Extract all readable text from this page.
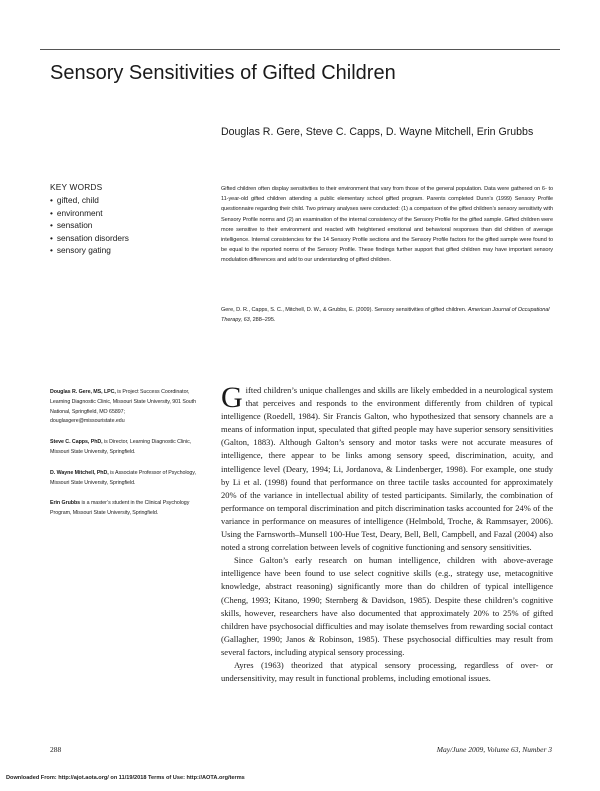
Sensory Sensitivities of Gifted Children
Douglas R. Gere, Steve C. Capps, D. Wayne Mitchell, Erin Grubbs
KEY WORDS
• gifted, child
• environment
• sensation
• sensation disorders
• sensory gating
Gifted children often display sensitivities to their environment that vary from those of the general population. Data were gathered on 6- to 11-year-old gifted children attending a public elementary school gifted program. Parents completed Dunn’s (1999) Sensory Profile questionnaire regarding their child. Two primary analyses were conducted: (1) a comparison of the gifted children’s sensory sensitivity with Sensory Profile norms and (2) an examination of the internal consistency of the Sensory Profile for the gifted sample. Gifted children were more sensitive to their environment and reacted with heightened emotional and behavioral responses than did children of average intelligence. Internal consistencies for the 14 Sensory Profile sections and the Sensory Profile factors for the gifted sample were found to be equal to the reported norms of the Sensory Profile. These findings further support that gifted children may have important sensory modulation differences and add to our understanding of gifted children.
Gere, D. R., Capps, S. C., Mitchell, D. W., & Grubbs, E. (2009). Sensory sensitivities of gifted children. American Journal of Occupational Therapy, 63, 288–295.

Douglas R. Gere, MS, LPC, is Project Success Coordinator, Learning Diagnostic Clinic, Missouri State University, 901 South National, Springfield, MO 65897; douglasgere@missouristate.edu

Steve C. Capps, PhD, is Director, Learning Diagnostic Clinic, Missouri State University, Springfield.

D. Wayne Mitchell, PhD, is Associate Professor of Psychology, Missouri State University, Springfield.

Erin Grubbs is a master’s student in the Clinical Psychology Program, Missouri State University, Springfield.

Gifted children’s unique challenges and skills are likely embedded in a neurological system that perceives and responds to the environment differently from children of typical intelligence (Roedell, 1984). Sir Francis Galton, who hypothesized that sensory channels are a means of information input, speculated that gifted people may have superior sensory sensitivities (Galton, 1883). Although Galton’s sensory and motor tasks were not accurate measures of intelligence, there appear to be links among sensory speed, discrimination, acuity, and intelligence level (Deary, 1994; Li, Jordanova, & Lindenberger, 1998). For example, one study by Li et al. (1998) found that performance on three tactile tasks accounted for approximately 20% of the variance in intellectual ability of tested participants. Similarly, the combination of performance on temporal discrimination and pitch discrimination tasks accounted for 24% of the variance in performance on measures of intelligence (Helmbold, Troche, & Rammsayer, 2006). Using the Farnsworth–Munsell 100-Hue Test, Deary, Bell, Bell, Campbell, and Fazal (2004) also noted a strong correlation between levels of cognitive functioning and sensory sensitivities.

Since Galton’s early research on human intelligence, children with above-average intelligence have been found to use select cognitive skills (e.g., strategy use, metacognitive knowledge, abstract reasoning) significantly more than do children of typical intelligence (Cheng, 1993; Kitano, 1990; Sternberg & Davidson, 1985). Despite these children’s cognitive skills, however, researchers have also documented that approximately 20% to 25% of gifted children have psychosocial difficulties and may isolate themselves from rewarding social contact (Gallagher, 1990; Janos & Robinson, 1985). These psychosocial difficulties may result from several factors, including atypical sensory processing.

Ayres (1963) theorized that atypical sensory processing, regardless of over- or undersensitivity, may result in functional problems, including emotional issues.

288	May/June 2009, Volume 63, Number 3
Downloaded From: http://ajot.aota.org/ on 11/19/2018 Terms of Use: http://AOTA.org/terms
